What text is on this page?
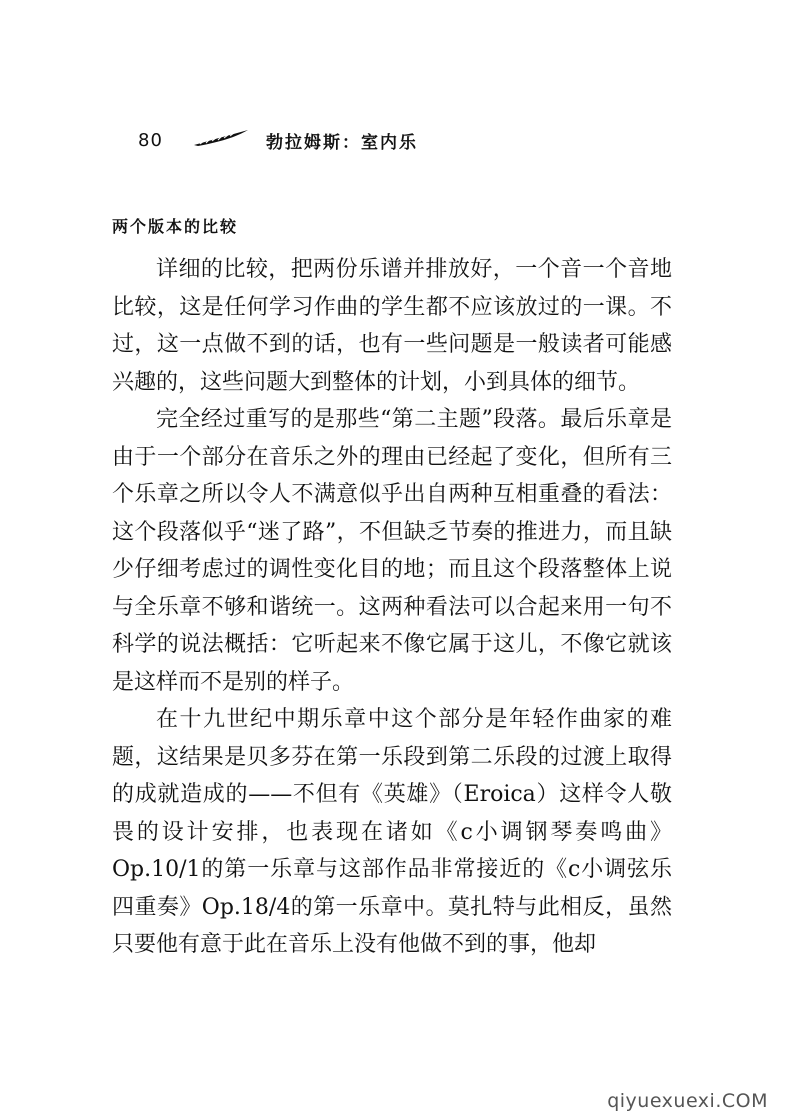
80	勃拉姆斯：室内乐
两个版本的比较

详细的比较，把两份乐谱并排放好，一个音一个音地比较，这是任何学习作曲的学生都不应该放过的一课。不过，这一点做不到的话，也有一些问题是一般读者可能感兴趣的，这些问题大到整体的计划，小到具体的细节。

完全经过重写的是那些“第二主题”段落。最后乐章是由于一个部分在音乐之外的理由已经起了变化，但所有三个乐章之所以令人不满意似乎出自两种互相重叠的看法：这个段落似乎“迷了路”，不但缺乏节奏的推进力，而且缺少仔细考虑过的调性变化目的地；而且这个段落整体上说与全乐章不够和谐统一。这两种看法可以合起来用一句不科学的说法概括：它听起来不像它属于这儿，不像它就该是这样而不是别的样子。

在十九世纪中期乐章中这个部分是年轻作曲家的难题，这结果是贝多芬在第一乐段到第二乐段的过渡上取得的成就造成的——不但有《英雄》（Eroica）这样令人敬畏的设计安排，也表现在诸如《c小调钢琴奏鸣曲》Op.10/1的第一乐章与这部作品非常接近的《c小调弦乐四重奏》Op.18/4的第一乐章中。莫扎特与此相反，虽然只要他有意于此在音乐上没有他做不到的事，他却

qiyuexuexi.COM
